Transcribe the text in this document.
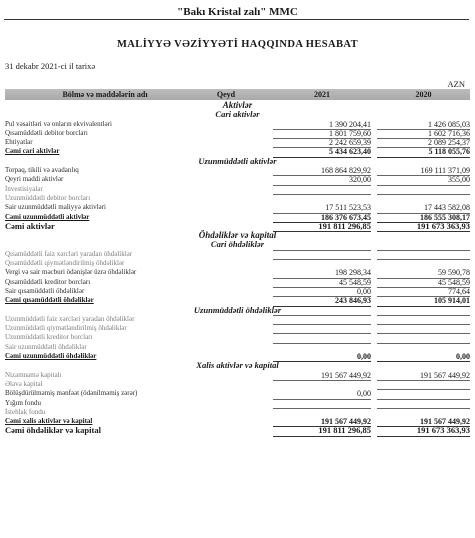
"Bakı Kristal zalı" MMC
MALİYYƏ VƏZİYYƏTİ HAQQINDA HESABAT
31 dekabr 2021-ci il tarixə
AZN
Bölmə və maddələrin adı	Qeyd	2021	2020
Aktivlər
Cari aktivlər
Pul vəsaitləri və onların ekvivalentləri	1 390 204,41	1 426 085,03
Qısamüddətli debitor borcları	1 801 759,60	1 602 716,36
Ehtiyatlar	2 242 659,39	2 089 254,37
Cəmi cari aktivlər	5 434 623,40	5 118 055,76
Uzunmüddətli aktivlər
Torpaq, tikili və avadanlıq	168 864 829,92	169 111 371,09
Qeyri maddi aktivlər	320,00	355,00
İnvestisiyalar
Uzunmüddətli debitor borcları
Sair uzunmüddətli maliyyə aktivləri	17 511 523,53	17 443 582,08
Cəmi uzunmüddətli aktivlər	186 376 673,45	186 555 308,17
Cəmi aktivlər	191 811 296,85	191 673 363,93
Öhdəliklər və kapital
Cari öhdəliklər
Qısamüddətli faiz xərcləri yaradan öhdəliklər
Qısamüddətli qiymətləndirilmiş öhdəliklər
Vergi və sair məcburi ödənişlər üzrə öhdəliklər	198 298,34	59 590,78
Qısamüddətli kreditor borcları	45 548,59	45 548,59
Sair qısamüddətli öhdəliklər	0,00	774,64
Cəmi qısamüddətli öhdəliklər	243 846,93	105 914,01
Uzunmüddətli öhdəliklər
Uzunmüddətli faiz xərcləri yaradan öhdəliklər
Uzunmüddətli qiymətləndirilmiş öhdəliklər
Uzunmüddətli kreditor borcları
Sair uzunmüddətli öhdəliklər
Cəmi uzunmüddətli öhdəliklər	0,00	0,00
Xalis aktivlər və kapital
Nizamnamə kapitalı	191 567 449,92	191 567 449,92
Əlavə kapital
Bölüşdürülməmiş mənfəət (ödənilməmiş zərər)	0,00
Yığım fondu
İstehlak fondu
Cəmi xalis aktivlər və kapital	191 567 449,92	191 567 449,92
Cəmi öhdəliklər və kapital	191 811 296,85	191 673 363,93
